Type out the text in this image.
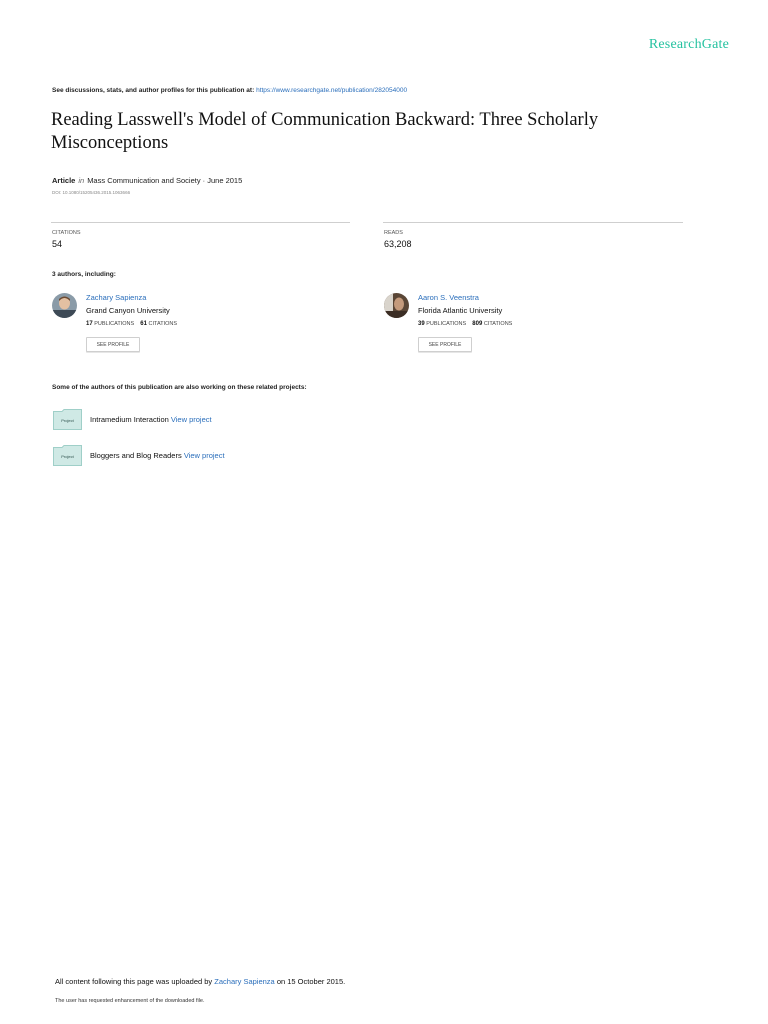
ResearchGate
See discussions, stats, and author profiles for this publication at: https://www.researchgate.net/publication/282054000
Reading Lasswell's Model of Communication Backward: Three Scholarly Misconceptions
Article in Mass Communication and Society · June 2015
DOI: 10.1080/15205436.2015.1063666
CITATIONS
54
READS
63,208
3 authors, including:
Zachary Sapienza
Grand Canyon University
17 PUBLICATIONS 61 CITATIONS
SEE PROFILE
Aaron S. Veenstra
Florida Atlantic University
39 PUBLICATIONS 809 CITATIONS
SEE PROFILE
Some of the authors of this publication are also working on these related projects:
Project	Intramedium Interaction View project
Project	Bloggers and Blog Readers View project
All content following this page was uploaded by Zachary Sapienza on 15 October 2015.
The user has requested enhancement of the downloaded file.
